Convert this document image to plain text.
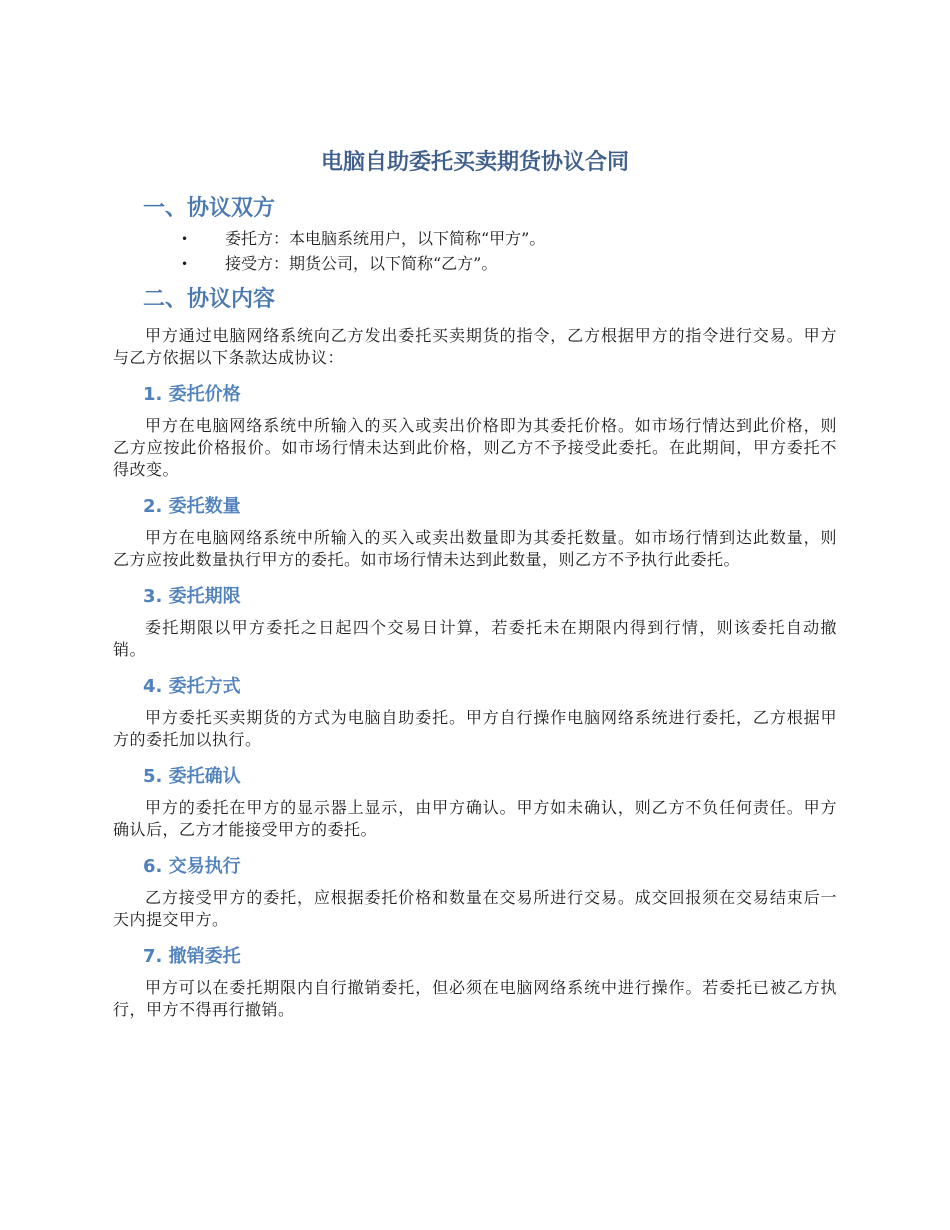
电脑自助委托买卖期货协议合同
一、协议双方
• 委托方：本电脑系统用户，以下简称“甲方”。
• 接受方：期货公司，以下简称“乙方”。
二、协议内容

甲方通过电脑网络系统向乙方发出委托买卖期货的指令，乙方根据甲方的指令进行交易。甲方与乙方依据以下条款达成协议：

1. 委托价格

甲方在电脑网络系统中所输入的买入或卖出价格即为其委托价格。如市场行情达到此价格，则乙方应按此价格报价。如市场行情未达到此价格，则乙方不予接受此委托。在此期间，甲方委托不得改变。

2. 委托数量

甲方在电脑网络系统中所输入的买入或卖出数量即为其委托数量。如市场行情到达此数量，则乙方应按此数量执行甲方的委托。如市场行情未达到此数量，则乙方不予执行此委托。

3. 委托期限

委托期限以甲方委托之日起四个交易日计算，若委托未在期限内得到行情，则该委托自动撤销。

4. 委托方式

甲方委托买卖期货的方式为电脑自助委托。甲方自行操作电脑网络系统进行委托，乙方根据甲方的委托加以执行。

5. 委托确认

甲方的委托在甲方的显示器上显示，由甲方确认。甲方如未确认，则乙方不负任何责任。甲方确认后，乙方才能接受甲方的委托。

6. 交易执行

乙方接受甲方的委托，应根据委托价格和数量在交易所进行交易。成交回报须在交易结束后一天内提交甲方。

7. 撤销委托

甲方可以在委托期限内自行撤销委托，但必须在电脑网络系统中进行操作。若委托已被乙方执行，甲方不得再行撤销。
